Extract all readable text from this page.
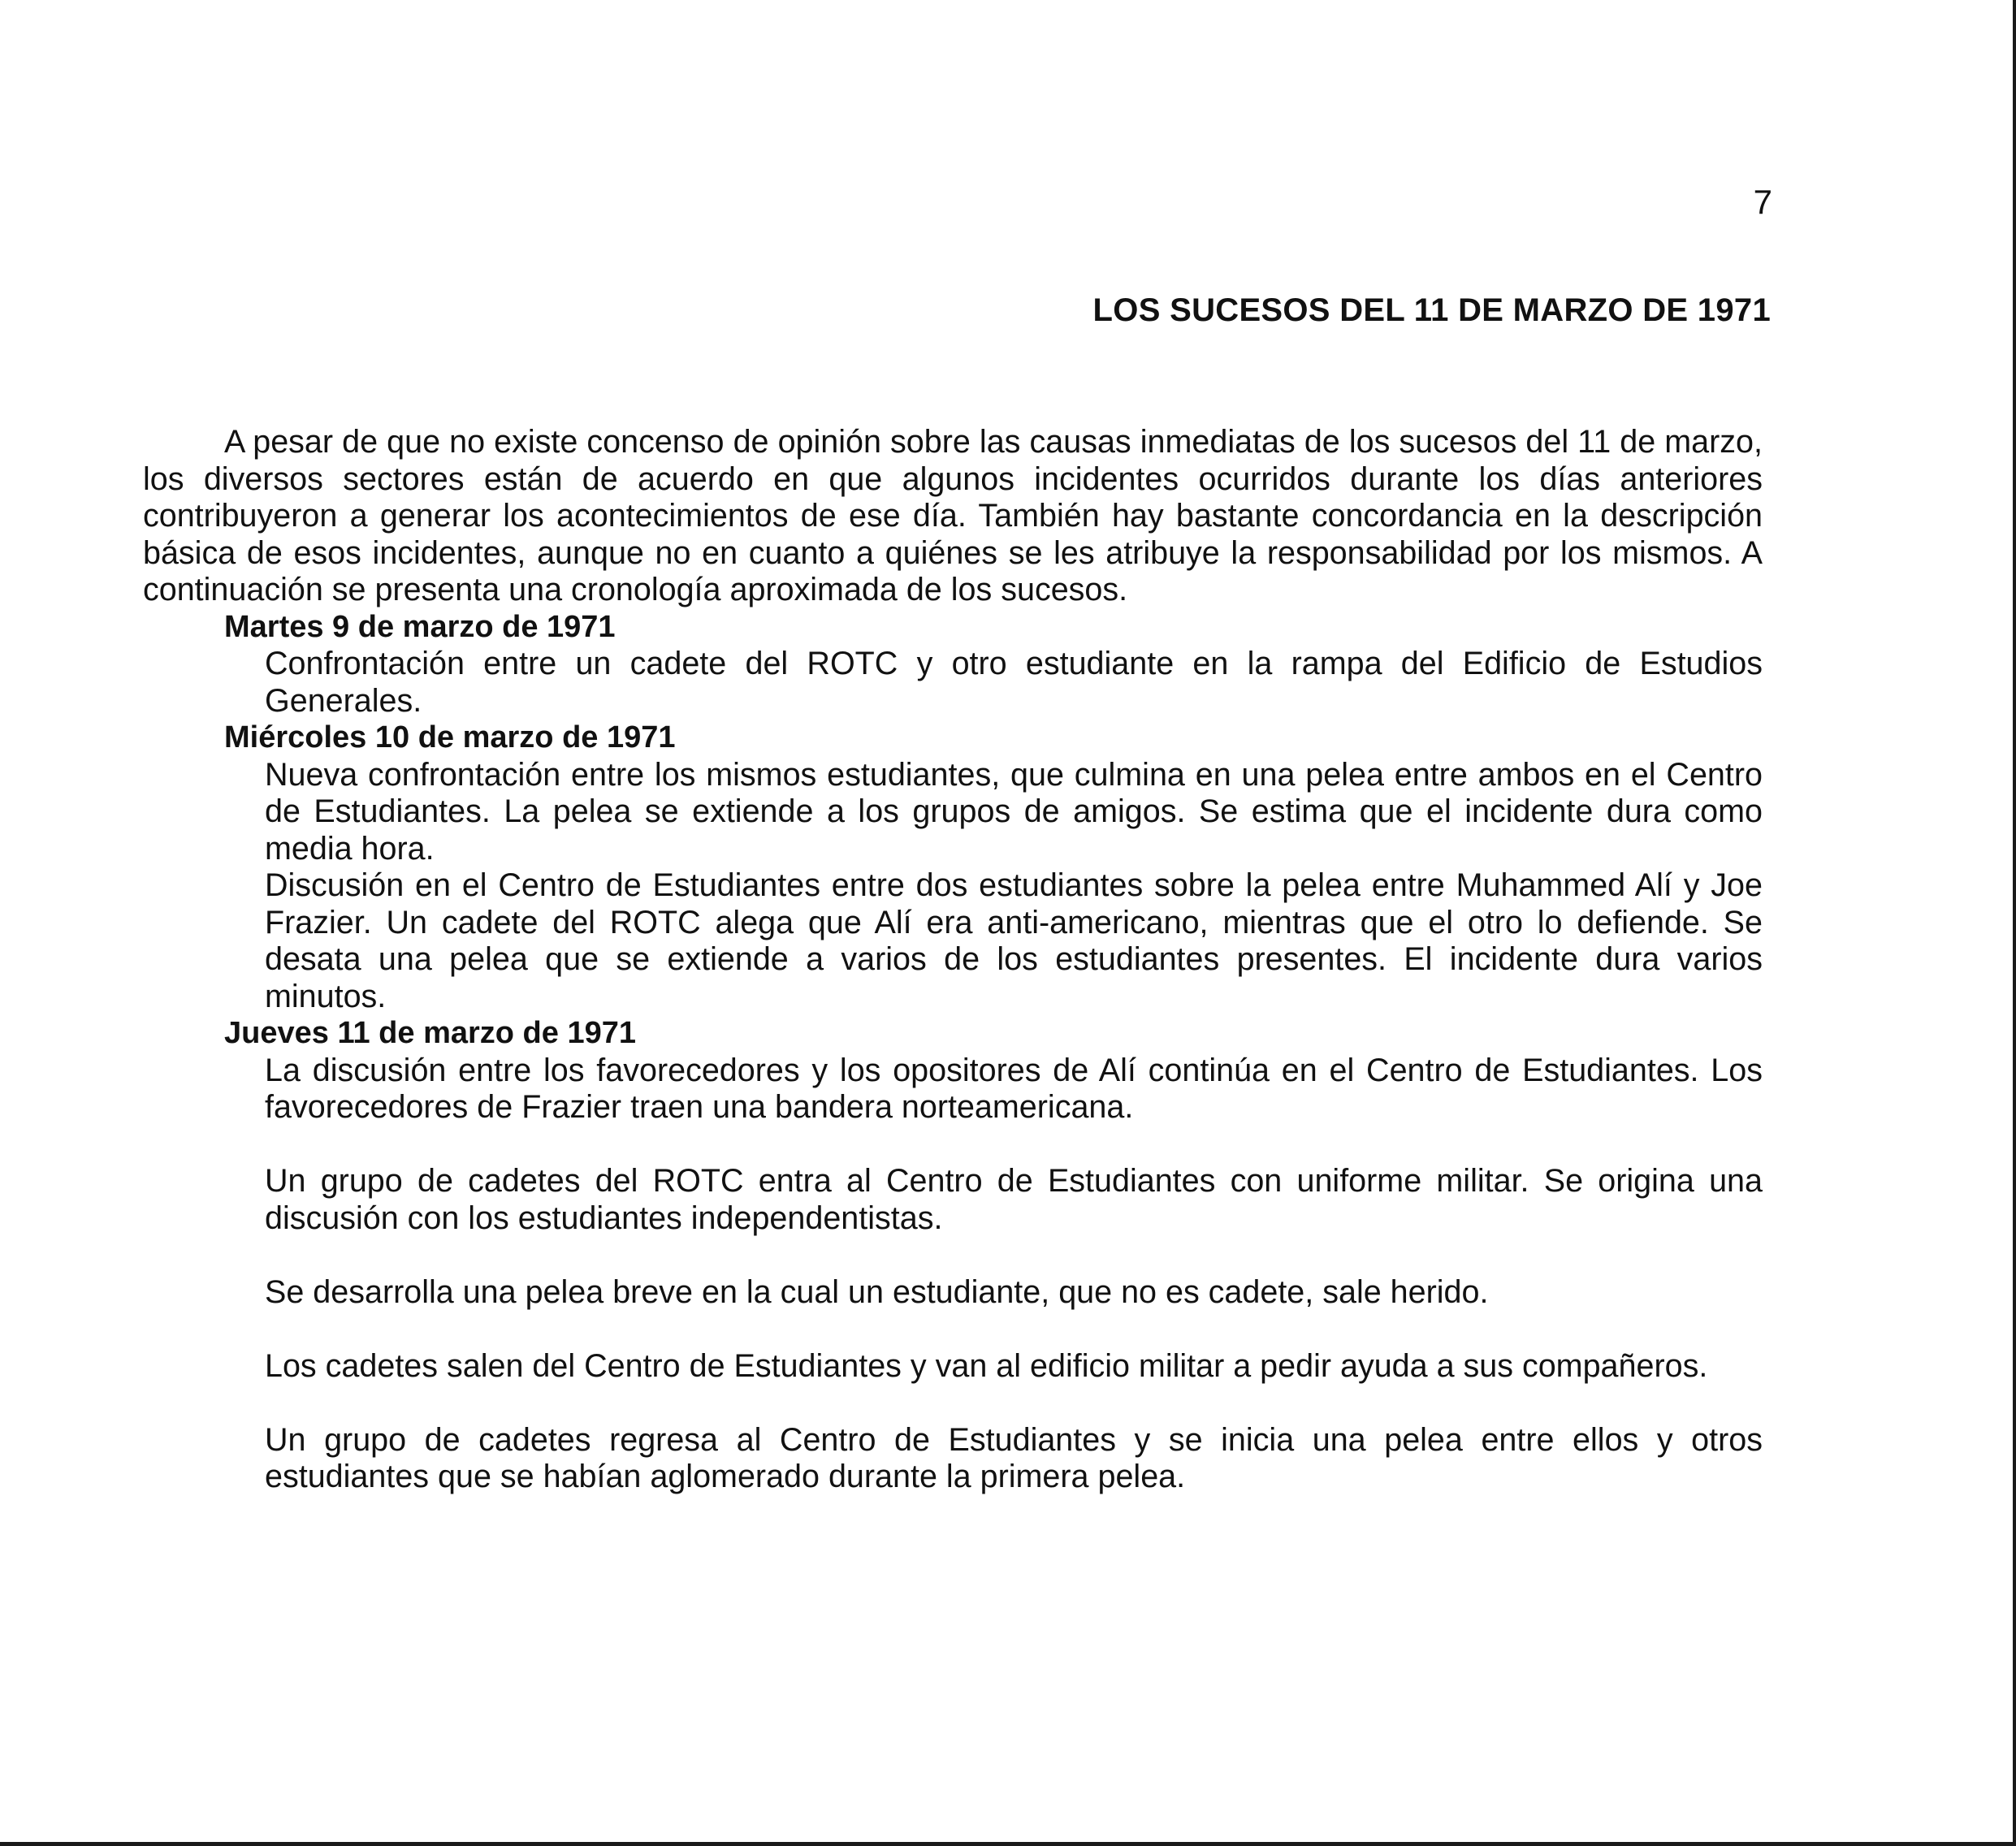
7
LOS SUCESOS DEL 11 DE MARZO DE 1971

A pesar de que no existe concenso de opinión sobre las causas inmediatas de los sucesos del 11 de marzo, los diversos sectores están de acuerdo en que algunos incidentes ocurridos durante los días anteriores contribuyeron a generar los acontecimientos de ese día. También hay bastante concordancia en la descripción básica de esos incidentes, aunque no en cuanto a quiénes se les atribuye la responsabilidad por los mismos. A continuación se presenta una cronología aproximada de los sucesos.

Martes 9 de marzo de 1971

Confrontación entre un cadete del ROTC y otro estudiante en la rampa del Edificio de Estudios Generales.

Miércoles 10 de marzo de 1971

Nueva confrontación entre los mismos estudiantes, que culmina en una pelea entre ambos en el Centro de Estudiantes. La pelea se extiende a los grupos de amigos. Se estima que el incidente dura como media hora.

Discusión en el Centro de Estudiantes entre dos estudiantes sobre la pelea entre Muhammed Alí y Joe Frazier. Un cadete del ROTC alega que Alí era anti-americano, mientras que el otro lo defiende. Se desata una pelea que se extiende a varios de los estudiantes presentes. El incidente dura varios minutos.

Jueves 11 de marzo de 1971

La discusión entre los favorecedores y los opositores de Alí continúa en el Centro de Estudiantes. Los favorecedores de Frazier traen una bandera norteamericana.

Un grupo de cadetes del ROTC entra al Centro de Estudiantes con uniforme militar. Se origina una discusión con los estudiantes independentistas.

Se desarrolla una pelea breve en la cual un estudiante, que no es cadete, sale herido.

Los cadetes salen del Centro de Estudiantes y van al edificio militar a pedir ayuda a sus compañeros.

Un grupo de cadetes regresa al Centro de Estudiantes y se inicia una pelea entre ellos y otros estudiantes que se habían aglomerado durante la primera pelea.
